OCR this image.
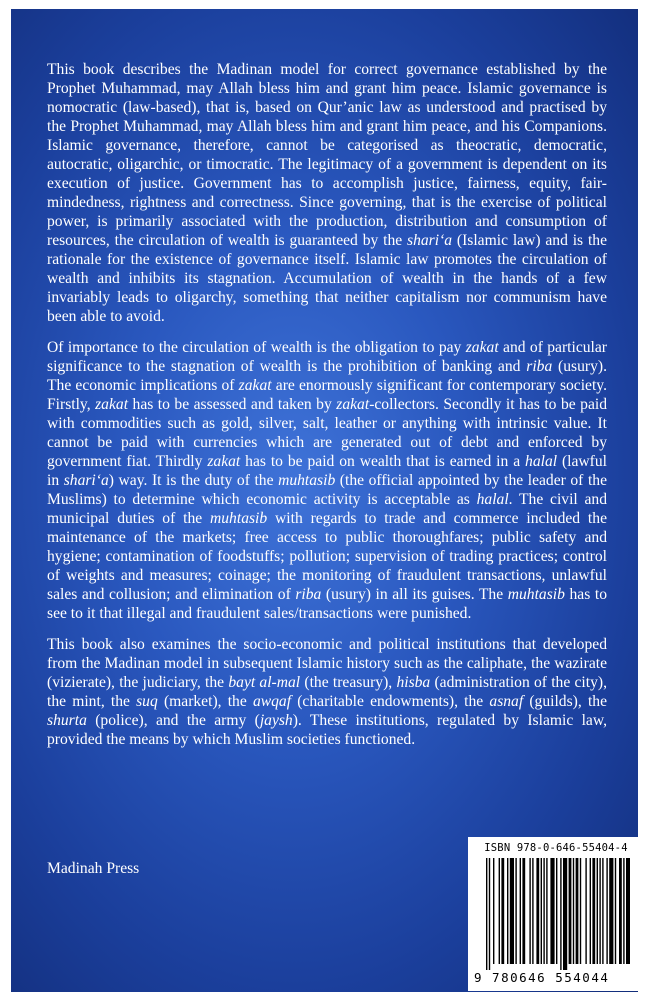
This book describes the Madinan model for correct governance established by the Prophet Muhammad, may Allah bless him and grant him peace. Islamic governance is nomocratic (law-based), that is, based on Qur’anic law as understood and practised by the Prophet Muhammad, may Allah bless him and grant him peace, and his Companions. Islamic governance, therefore, cannot be categorised as theocratic, democratic, autocratic, oligarchic, or timocratic. The legitimacy of a government is dependent on its execution of justice. Government has to accomplish justice, fairness, equity, fair-mindedness, rightness and correctness. Since governing, that is the exercise of political power, is primarily associated with the production, distribution and consumption of resources, the circulation of wealth is guaranteed by the shari‘a (Islamic law) and is the rationale for the existence of governance itself. Islamic law promotes the circulation of wealth and inhibits its stagnation. Accumulation of wealth in the hands of a few invariably leads to oligarchy, something that neither capitalism nor communism have been able to avoid.

Of importance to the circulation of wealth is the obligation to pay zakat and of particular significance to the stagnation of wealth is the prohibition of banking and riba (usury). The economic implications of zakat are enormously significant for contemporary society. Firstly, zakat has to be assessed and taken by zakat-collectors. Secondly it has to be paid with commodities such as gold, silver, salt, leather or anything with intrinsic value. It cannot be paid with currencies which are generated out of debt and enforced by government fiat. Thirdly zakat has to be paid on wealth that is earned in a halal (lawful in shari‘a) way. It is the duty of the muhtasib (the official appointed by the leader of the Muslims) to determine which economic activity is acceptable as halal. The civil and municipal duties of the muhtasib with regards to trade and commerce included the maintenance of the markets; free access to public thoroughfares; public safety and hygiene; contamination of foodstuffs; pollution; supervision of trading practices; control of weights and measures; coinage; the monitoring of fraudulent transactions, unlawful sales and collusion; and elimination of riba (usury) in all its guises. The muhtasib has to see to it that illegal and fraudulent sales/transactions were punished.

This book also examines the socio-economic and political institutions that developed from the Madinan model in subsequent Islamic history such as the caliphate, the wazirate (vizierate), the judiciary, the bayt al-mal (the treasury), hisba (administration of the city), the mint, the suq (market), the awqaf (charitable endowments), the asnaf (guilds), the shurta (police), and the army (jaysh). These institutions, regulated by Islamic law, provided the means by which Muslim societies functioned.

Madinah Press
ISBN 978-0-646-55404-4
9 780646 554044
